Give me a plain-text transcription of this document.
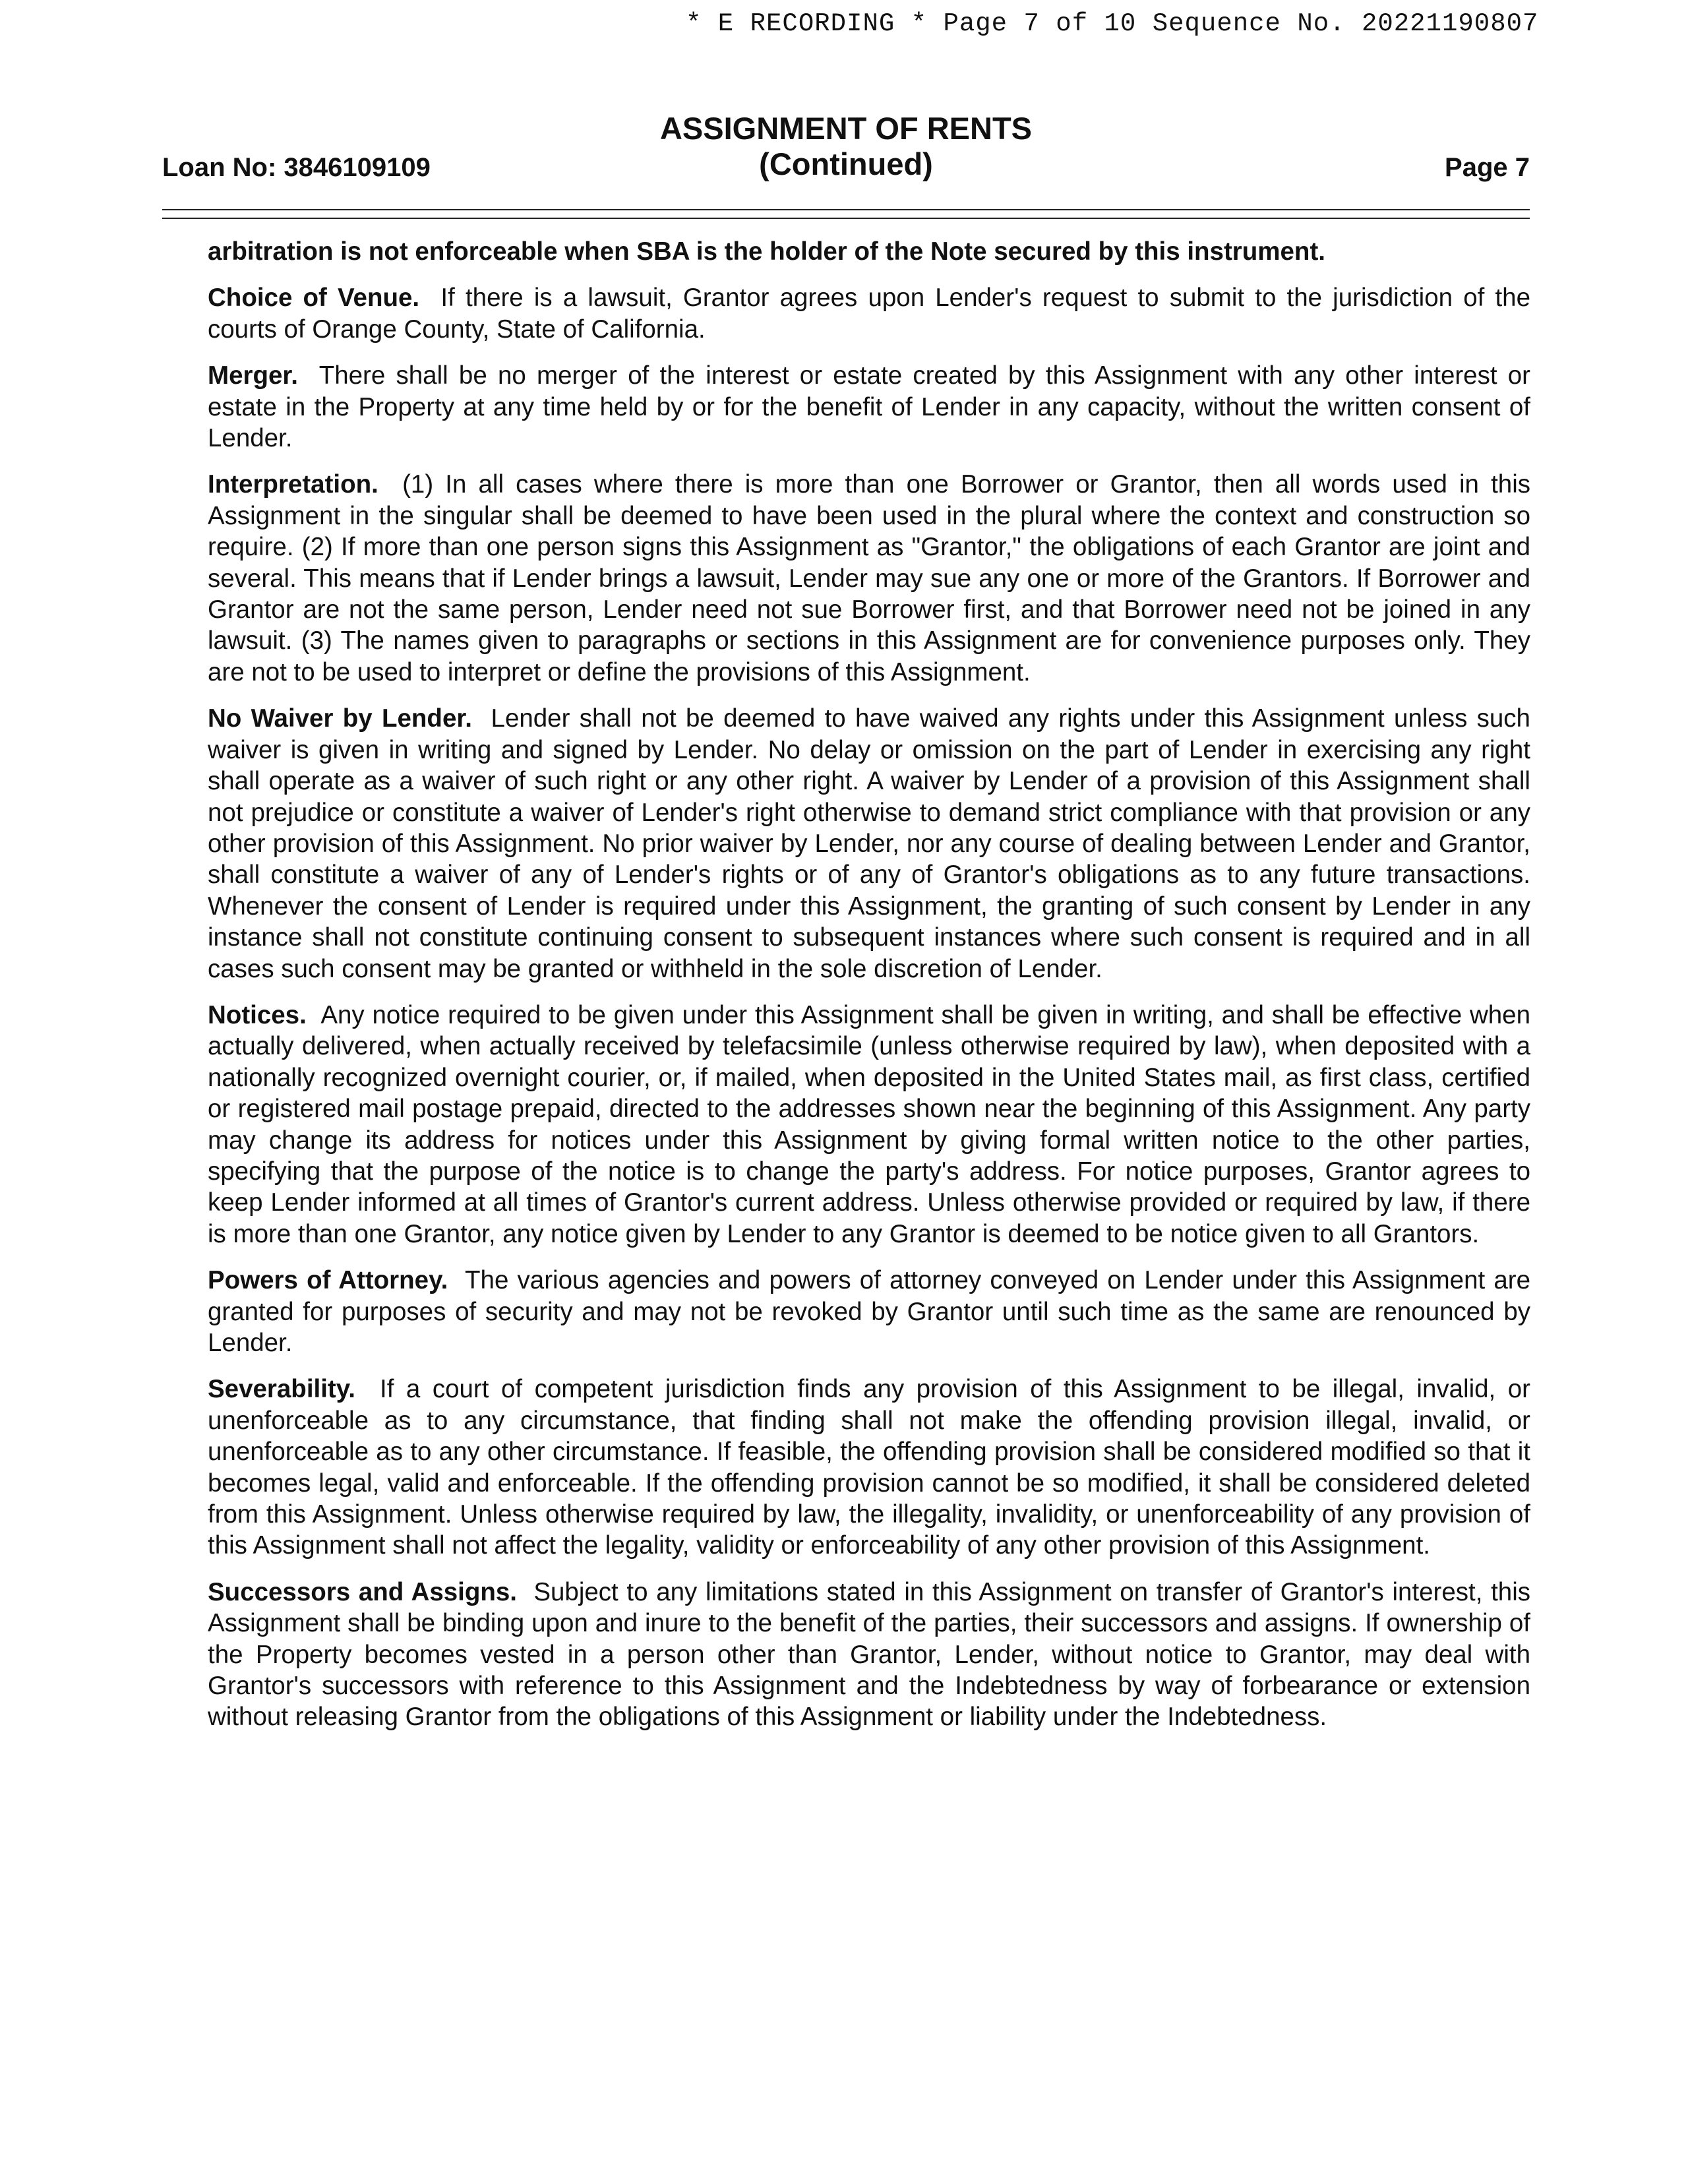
* E RECORDING * Page 7 of 10 Sequence No. 20221190807
ASSIGNMENT OF RENTS
(Continued)
Loan No: 3846109109	Page 7

arbitration is not enforceable when SBA is the holder of the Note secured by this instrument.

Choice of Venue. If there is a lawsuit, Grantor agrees upon Lender's request to submit to the jurisdiction of the courts of Orange County, State of California.

Merger. There shall be no merger of the interest or estate created by this Assignment with any other interest or estate in the Property at any time held by or for the benefit of Lender in any capacity, without the written consent of Lender.

Interpretation. (1) In all cases where there is more than one Borrower or Grantor, then all words used in this Assignment in the singular shall be deemed to have been used in the plural where the context and construction so require. (2) If more than one person signs this Assignment as "Grantor," the obligations of each Grantor are joint and several. This means that if Lender brings a lawsuit, Lender may sue any one or more of the Grantors. If Borrower and Grantor are not the same person, Lender need not sue Borrower first, and that Borrower need not be joined in any lawsuit. (3) The names given to paragraphs or sections in this Assignment are for convenience purposes only. They are not to be used to interpret or define the provisions of this Assignment.

No Waiver by Lender. Lender shall not be deemed to have waived any rights under this Assignment unless such waiver is given in writing and signed by Lender. No delay or omission on the part of Lender in exercising any right shall operate as a waiver of such right or any other right. A waiver by Lender of a provision of this Assignment shall not prejudice or constitute a waiver of Lender's right otherwise to demand strict compliance with that provision or any other provision of this Assignment. No prior waiver by Lender, nor any course of dealing between Lender and Grantor, shall constitute a waiver of any of Lender's rights or of any of Grantor's obligations as to any future transactions. Whenever the consent of Lender is required under this Assignment, the granting of such consent by Lender in any instance shall not constitute continuing consent to subsequent instances where such consent is required and in all cases such consent may be granted or withheld in the sole discretion of Lender.

Notices. Any notice required to be given under this Assignment shall be given in writing, and shall be effective when actually delivered, when actually received by telefacsimile (unless otherwise required by law), when deposited with a nationally recognized overnight courier, or, if mailed, when deposited in the United States mail, as first class, certified or registered mail postage prepaid, directed to the addresses shown near the beginning of this Assignment. Any party may change its address for notices under this Assignment by giving formal written notice to the other parties, specifying that the purpose of the notice is to change the party's address. For notice purposes, Grantor agrees to keep Lender informed at all times of Grantor's current address. Unless otherwise provided or required by law, if there is more than one Grantor, any notice given by Lender to any Grantor is deemed to be notice given to all Grantors.

Powers of Attorney. The various agencies and powers of attorney conveyed on Lender under this Assignment are granted for purposes of security and may not be revoked by Grantor until such time as the same are renounced by Lender.

Severability. If a court of competent jurisdiction finds any provision of this Assignment to be illegal, invalid, or unenforceable as to any circumstance, that finding shall not make the offending provision illegal, invalid, or unenforceable as to any other circumstance. If feasible, the offending provision shall be considered modified so that it becomes legal, valid and enforceable. If the offending provision cannot be so modified, it shall be considered deleted from this Assignment. Unless otherwise required by law, the illegality, invalidity, or unenforceability of any provision of this Assignment shall not affect the legality, validity or enforceability of any other provision of this Assignment.

Successors and Assigns. Subject to any limitations stated in this Assignment on transfer of Grantor's interest, this Assignment shall be binding upon and inure to the benefit of the parties, their successors and assigns. If ownership of the Property becomes vested in a person other than Grantor, Lender, without notice to Grantor, may deal with Grantor's successors with reference to this Assignment and the Indebtedness by way of forbearance or extension without releasing Grantor from the obligations of this Assignment or liability under the Indebtedness.
